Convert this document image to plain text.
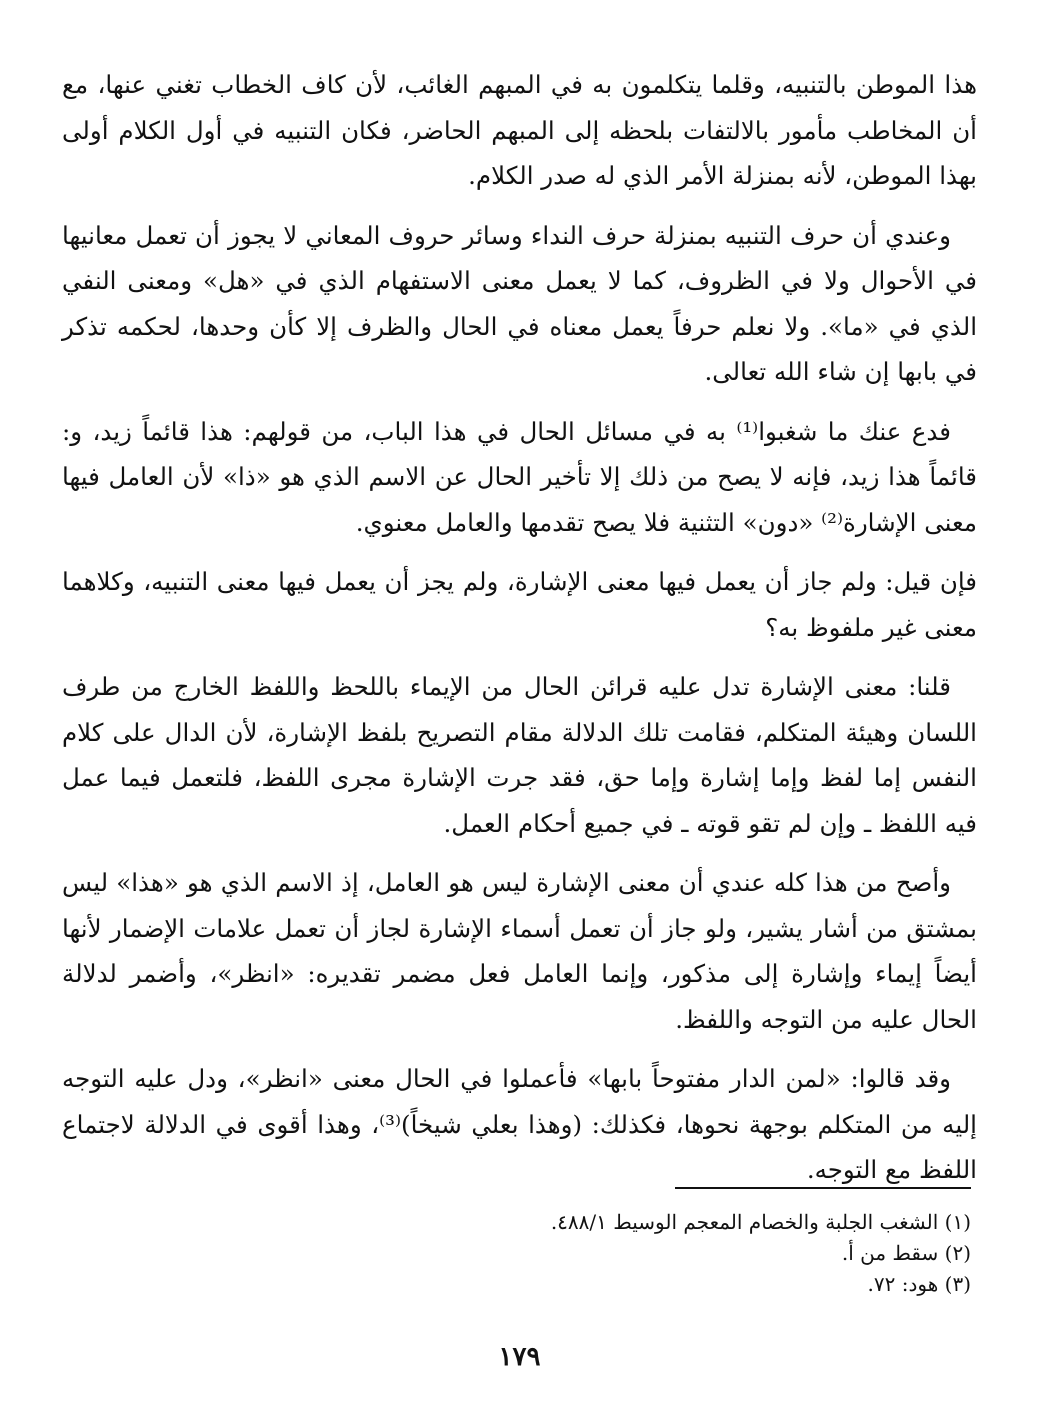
هذا الموطن بالتنبيه، وقلما يتكلمون به في المبهم الغائب، لأن كاف الخطاب تغني عنها، مع أن المخاطب مأمور بالالتفات بلحظه إلى المبهم الحاضر، فكان التنبيه في أول الكلام أولى بهذا الموطن، لأنه بمنزلة الأمر الذي له صدر الكلام.

وعندي أن حرف التنبيه بمنزلة حرف النداء وسائر حروف المعاني لا يجوز أن تعمل معانيها في الأحوال ولا في الظروف، كما لا يعمل معنى الاستفهام الذي في «هل» ومعنى النفي الذي في «ما». ولا نعلم حرفاً يعمل معناه في الحال والظرف إلا كأن وحدها، لحكمه تذكر في بابها إن شاء الله تعالى.

فدع عنك ما شغبوا⁽¹⁾ به في مسائل الحال في هذا الباب، من قولهم: هذا قائماً زيد، و: قائماً هذا زيد، فإنه لا يصح من ذلك إلا تأخير الحال عن الاسم الذي هو «ذا» لأن العامل فيها معنى الإشارة⁽²⁾ «دون» التثنية فلا يصح تقدمها والعامل معنوي.

فإن قيل: ولم جاز أن يعمل فيها معنى الإشارة، ولم يجز أن يعمل فيها معنى التنبيه، وكلاهما معنى غير ملفوظ به؟

قلنا: معنى الإشارة تدل عليه قرائن الحال من الإيماء باللحظ واللفظ الخارج من طرف اللسان وهيئة المتكلم، فقامت تلك الدلالة مقام التصريح بلفظ الإشارة، لأن الدال على كلام النفس إما لفظ وإما إشارة وإما حق، فقد جرت الإشارة مجرى اللفظ، فلتعمل فيما عمل فيه اللفظ ـ وإن لم تقو قوته ـ في جميع أحكام العمل.

وأصح من هذا كله عندي أن معنى الإشارة ليس هو العامل، إذ الاسم الذي هو «هذا» ليس بمشتق من أشار يشير، ولو جاز أن تعمل أسماء الإشارة لجاز أن تعمل علامات الإضمار لأنها أيضاً إيماء وإشارة إلى مذكور، وإنما العامل فعل مضمر تقديره: «انظر»، وأضمر لدلالة الحال عليه من التوجه واللفظ.

وقد قالوا: «لمن الدار مفتوحاً بابها» فأعملوا في الحال معنى «انظر»، ودل عليه التوجه إليه من المتكلم بوجهة نحوها، فكذلك: (وهذا بعلي شيخاً)⁽³⁾، وهذا أقوى في الدلالة لاجتماع اللفظ مع التوجه.

(١) الشغب الجلبة والخصام المعجم الوسيط ٤٨٨/١.

(٢) سقط من أ.

(٣) هود: ٧٢.

١٧٩
